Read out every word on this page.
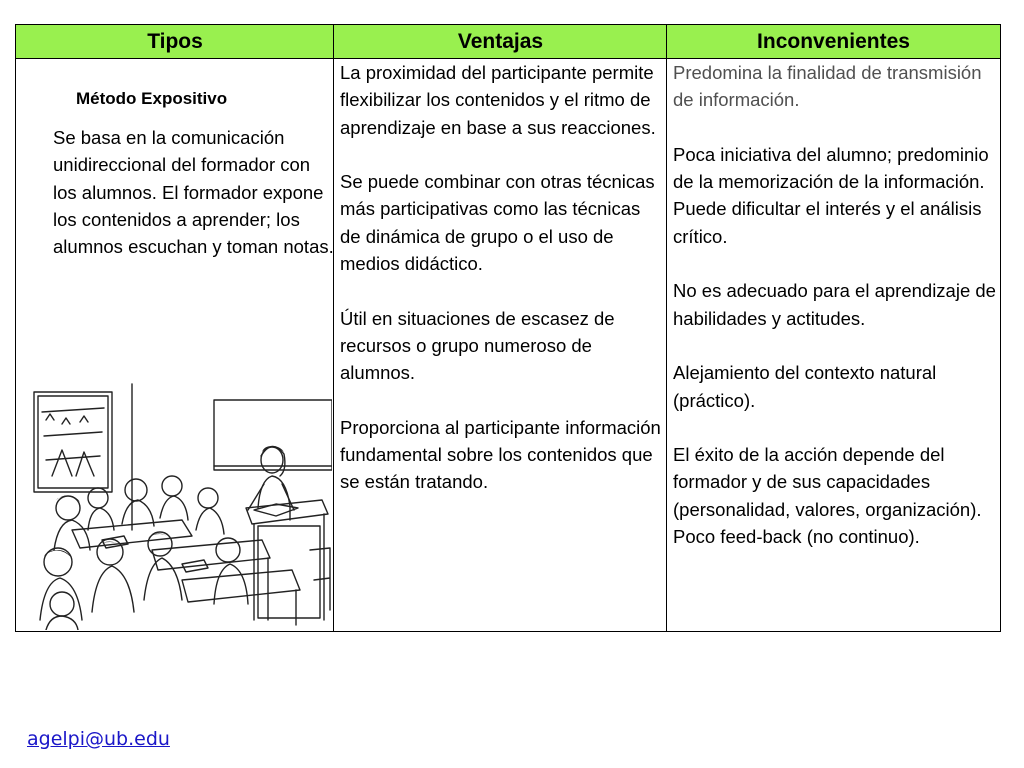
Tipos	Ventajas	Inconvenientes
Método Expositivo
Se basa en la comunicación unidireccional del formador con los alumnos. El formador expone los contenidos a aprender; los alumnos escuchan y toman notas.

La proximidad del participante permite flexibilizar los contenidos y el ritmo de aprendizaje en base a sus reacciones.

Se puede combinar con otras técnicas más participativas como las técnicas de dinámica de grupo o el uso de medios didáctico.

Útil en situaciones de escasez de recursos o grupo numeroso de alumnos.

Proporciona al participante información fundamental sobre los contenidos que se están tratando.

Predomina la finalidad de transmisión de información.

Poca iniciativa del alumno; predominio de la memorización de la información. Puede dificultar el interés y el análisis crítico.

No es adecuado para el aprendizaje de habilidades y actitudes.

Alejamiento del contexto natural (práctico).

El éxito de la acción depende del formador y de sus capacidades (personalidad, valores, organización).

Poco feed-back (no continuo).

agelpi@ub.edu
